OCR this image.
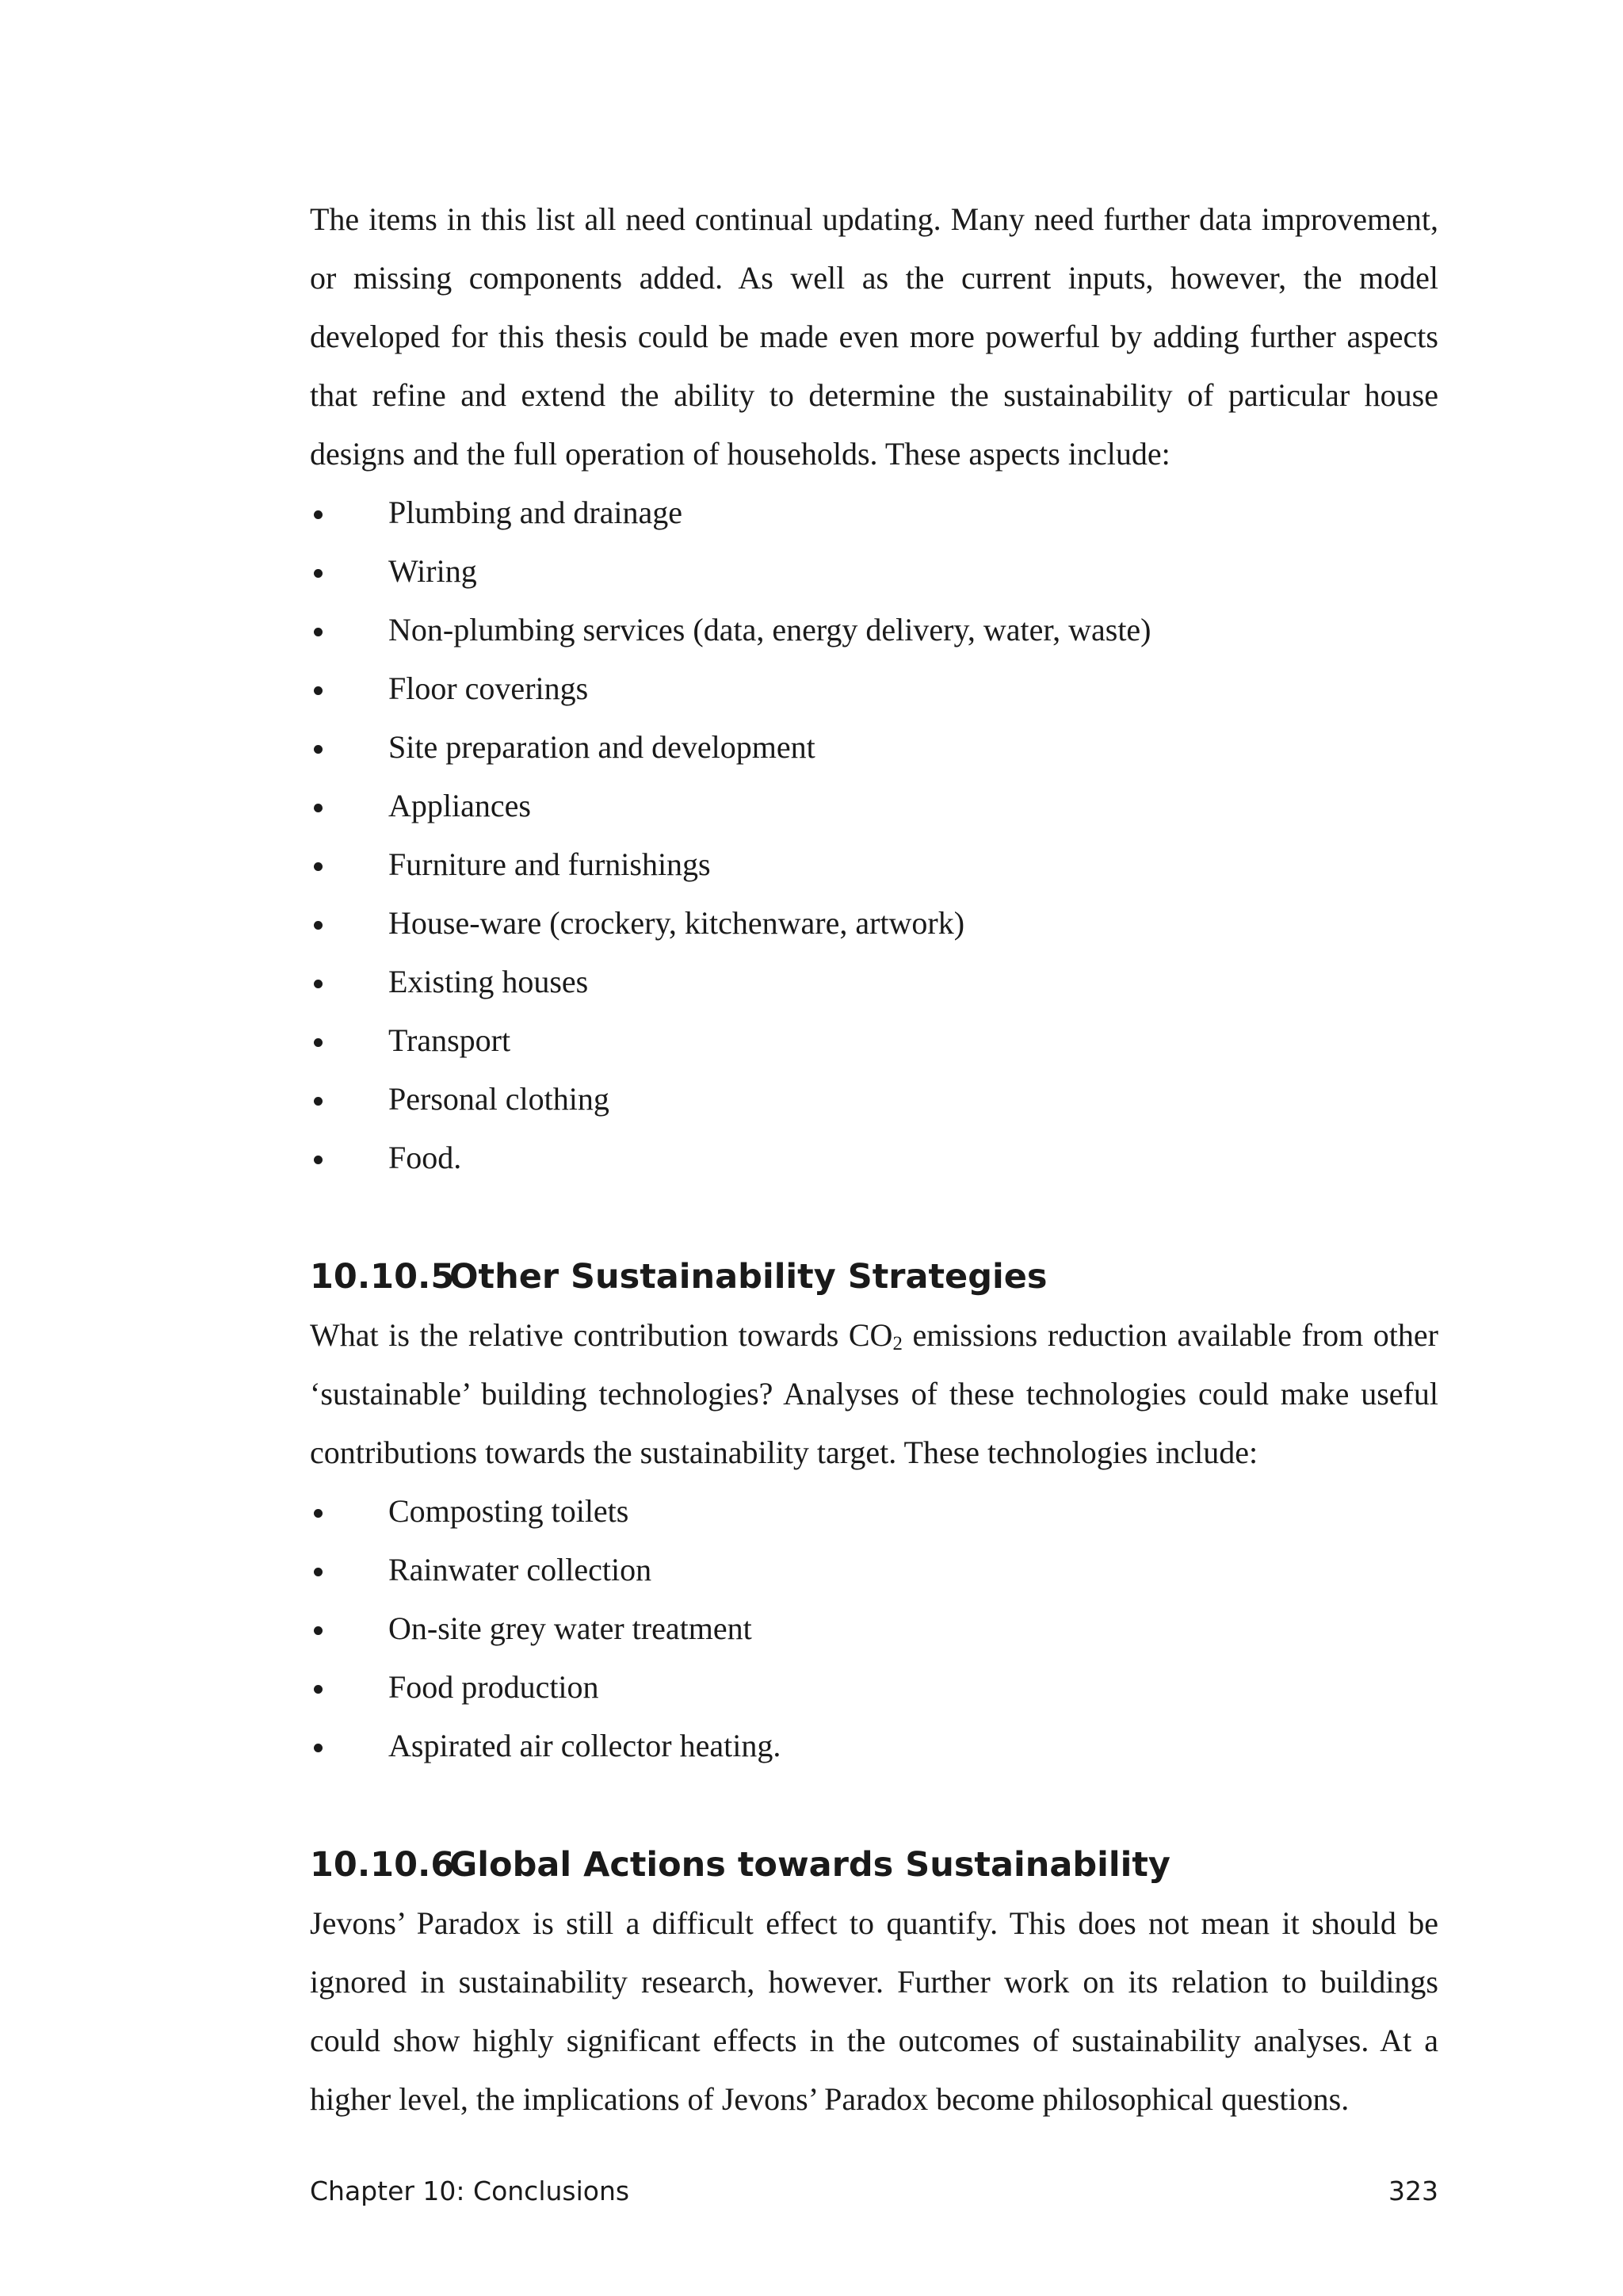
The items in this list all need continual updating. Many need further data improvement, or missing components added. As well as the current inputs, however, the model developed for this thesis could be made even more powerful by adding further aspects that refine and extend the ability to determine the sustainability of particular house designs and the full operation of households. These aspects include:

Plumbing and drainage
Wiring
Non-plumbing services (data, energy delivery, water, waste)
Floor coverings
Site preparation and development
Appliances
Furniture and furnishings
House-ware (crockery, kitchenware, artwork)
Existing houses
Transport
Personal clothing
Food.
10.10.5Other Sustainability Strategies

What is the relative contribution towards $CO_2$ emissions reduction available from other ‘sustainable’ building technologies? Analyses of these technologies could make useful contributions towards the sustainability target. These technologies include:

Composting toilets
Rainwater collection
On-site grey water treatment
Food production
Aspirated air collector heating.
10.10.6Global Actions towards Sustainability

Jevons’ Paradox is still a difficult effect to quantify. This does not mean it should be ignored in sustainability research, however. Further work on its relation to buildings could show highly significant effects in the outcomes of sustainability analyses. At a higher level, the implications of Jevons’ Paradox become philosophical questions.

Chapter 10: Conclusions	323
